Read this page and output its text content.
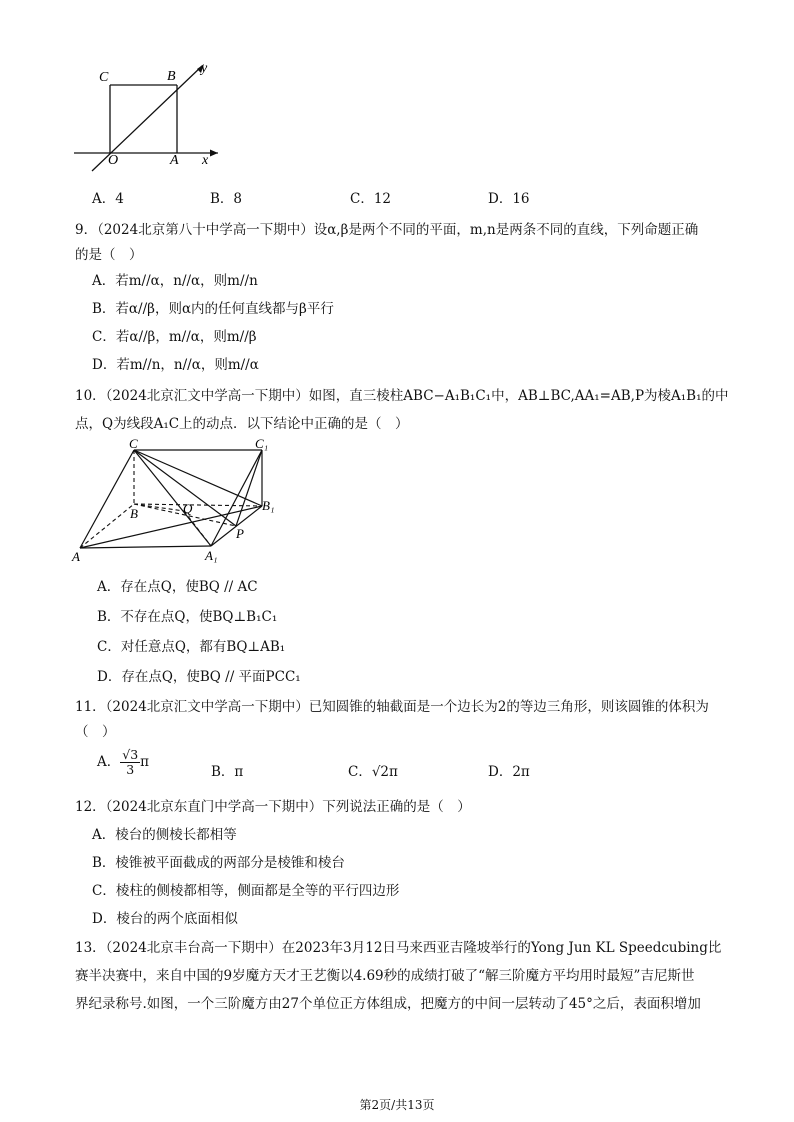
C	B
y
O	A x
A．4	B．8	C．12	D．16
9．（2024北京第八十中学高一下期中）设α,β是两个不同的平面，m,n是两条不同的直线，下列命题正确
的是（　）
A．若m//α，n//α，则m//n
B．若α//β，则α内的任何直线都与β平行
C．若α//β，m//α，则m//β
D．若m//n，n//α，则m//α
10．（2024北京汇文中学高一下期中）如图，直三棱柱ABC−A₁B₁C₁中，AB⊥BC,AA₁=AB,P为棱A₁B₁的中
点，Q为线段A₁C上的动点．以下结论中正确的是（　）
C	C₁
B	Q	B₁
P
A	A₁
A．存在点Q，使BQ // AC
B．不存在点Q，使BQ⊥B₁C₁
C．对任意点Q，都有BQ⊥AB₁
D．存在点Q，使BQ // 平面PCC₁
11．（2024北京汇文中学高一下期中）已知圆锥的轴截面是一个边长为2的等边三角形，则该圆锥的体积为
（　）
A． $\frac{√3}{3}$ π
B．π	C．√2π	D．2π
12．（2024北京东直门中学高一下期中）下列说法正确的是（　）
A．棱台的侧棱长都相等
B．棱锥被平面截成的两部分是棱锥和棱台
C．棱柱的侧棱都相等，侧面都是全等的平行四边形
D．棱台的两个底面相似
13．（2024北京丰台高一下期中）在2023年3月12日马来西亚吉隆坡举行的Yong Jun KL Speedcubing比
赛半决赛中，来自中国的9岁魔方天才王艺衡以4.69秒的成绩打破了“解三阶魔方平均用时最短”吉尼斯世
界纪录称号.如图，一个三阶魔方由27个单位正方体组成，把魔方的中间一层转动了45°之后，表面积增加
第2页/共13页
